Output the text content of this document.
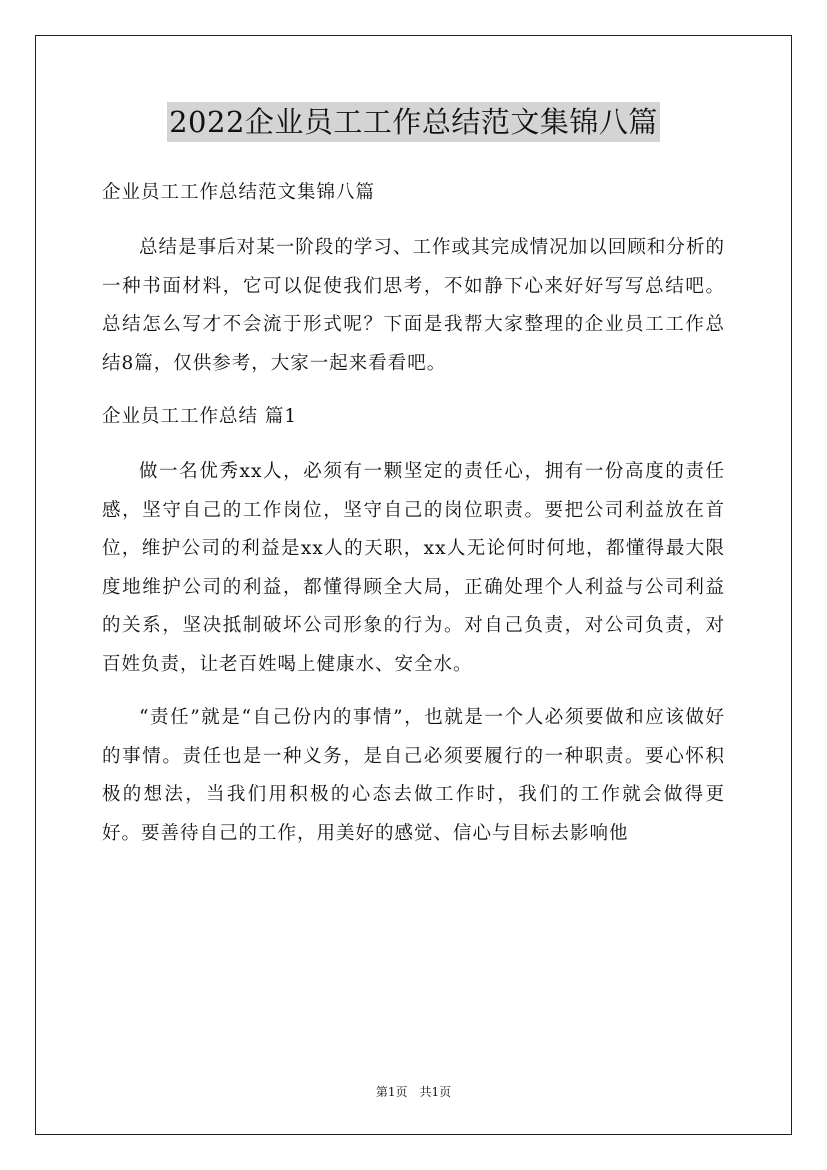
2022企业员工工作总结范文集锦八篇
企业员工工作总结范文集锦八篇
总结是事后对某一阶段的学习、工作或其完成情况加以回顾和分析的一种书面材料，它可以促使我们思考，不如静下心来好好写写总结吧。总结怎么写才不会流于形式呢？下面是我帮大家整理的企业员工工作总结8篇，仅供参考，大家一起来看看吧。
企业员工工作总结 篇1
做一名优秀xx人，必须有一颗坚定的责任心，拥有一份高度的责任感，坚守自己的工作岗位，坚守自己的岗位职责。要把公司利益放在首位，维护公司的利益是xx人的天职，xx人无论何时何地，都懂得最大限度地维护公司的利益，都懂得顾全大局，正确处理个人利益与公司利益的关系，坚决抵制破坏公司形象的行为。对自己负责，对公司负责，对百姓负责，让老百姓喝上健康水、安全水。
“责任”就是“自己份内的事情”，也就是一个人必须要做和应该做好的事情。责任也是一种义务，是自己必须要履行的一种职责。要心怀积极的想法，当我们用积极的心态去做工作时，我们的工作就会做得更好。要善待自己的工作，用美好的感觉、信心与目标去影响他
第1页　共1页
